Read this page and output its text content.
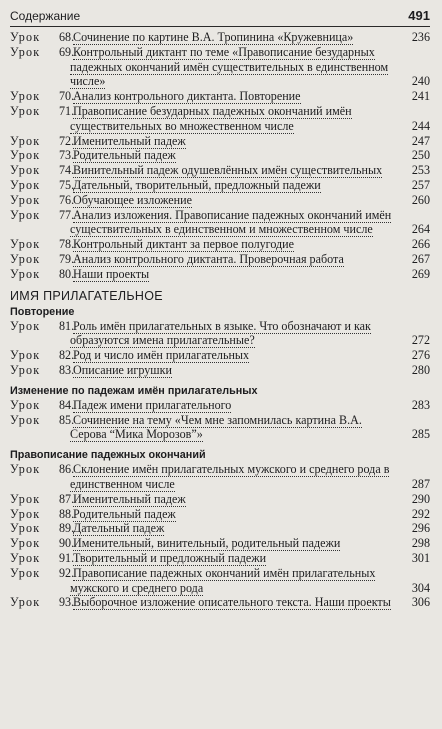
Содержание	491
Урок 68. Сочинение по картине В.А. Тропинина «Кружевница»	236
Урок 69. Контрольный диктант по теме «Правописание безударных падежных окончаний имён существительных в единственном числе»	240
Урок 70. Анализ контрольного диктанта. Повторение	241
Урок 71. Правописание безударных падежных окончаний имён существительных во множественном числе	244
Урок 72. Именительный падеж	247
Урок 73. Родительный падеж	250
Урок 74. Винительный падеж одушевлённых имён существительных 253
Урок 75. Дательный, творительный, предложный падежи	257
Урок 76. Обучающее изложение	260
Урок 77. Анализ изложения. Правописание падежных окончаний имён существительных в единственном и множественном числе	264
Урок 78. Контрольный диктант за первое полугодие	266
Урок 79. Анализ контрольного диктанта. Проверочная работа	267
Урок 80. Наши проекты	269
ИМЯ ПРИЛАГАТЕЛЬНОЕ
Повторение
Урок 81. Роль имён прилагательных в языке. Что обозначают и как образуются имена прилагательные?	272
Урок 82. Род и число имён прилагательных	276
Урок 83. Описание игрушки	280
Изменение по падежам имён прилагательных
Урок 84. Падеж имени прилагательного	283
Урок 85. Сочинение на тему «Чем мне запомнилась картина В.А. Серова “Мика Морозов”»	285
Правописание падежных окончаний
Урок 86. Склонение имён прилагательных мужского и среднего рода в единственном числе	287
Урок 87. Именительный падеж	290
Урок 88. Родительный падеж	292
Урок 89. Дательный падеж	296
Урок 90. Именительный, винительный, родительный падежи	298
Урок 91. Творительный и предложный падежи	301
Урок 92. Правописание падежных окончаний имён прилагательных мужского и среднего рода	304
Урок 93. Выборочное изложение описательного текста. Наши проекты 306
